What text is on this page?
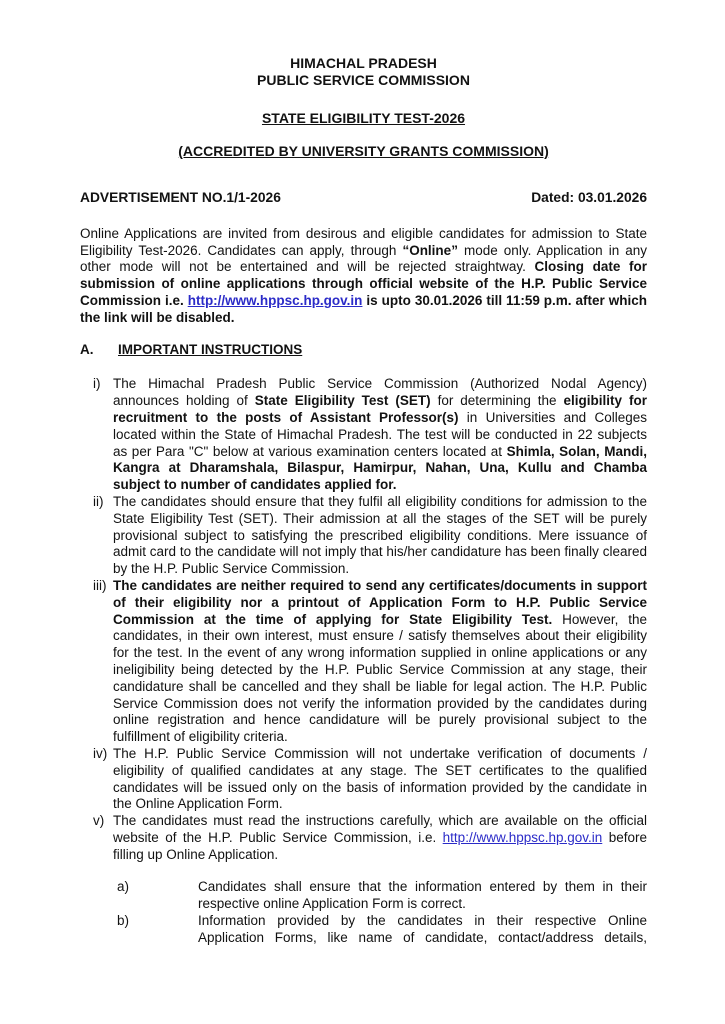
HIMACHAL PRADESH
PUBLIC SERVICE COMMISSION
STATE ELIGIBILITY TEST-2026
(ACCREDITED BY UNIVERSITY GRANTS COMMISSION)
ADVERTISEMENT NO.1/1-2026	Dated: 03.01.2026

Online Applications are invited from desirous and eligible candidates for admission to State Eligibility Test-2026. Candidates can apply, through “Online” mode only. Application in any other mode will not be entertained and will be rejected straightway. Closing date for submission of online applications through official website of the H.P. Public Service Commission i.e. http://www.hppsc.hp.gov.in is upto 30.01.2026 till 11:59 p.m. after which the link will be disabled.

A. IMPORTANT INSTRUCTIONS
i) The Himachal Pradesh Public Service Commission (Authorized Nodal Agency) announces holding of State Eligibility Test (SET) for determining the eligibility for recruitment to the posts of Assistant Professor(s) in Universities and Colleges located within the State of Himachal Pradesh. The test will be conducted in 22 subjects as per Para "C" below at various examination centers located at Shimla, Solan, Mandi, Kangra at Dharamshala, Bilaspur, Hamirpur, Nahan, Una, Kullu and Chamba subject to number of candidates applied for.

ii) The candidates should ensure that they fulfil all eligibility conditions for admission to the State Eligibility Test (SET). Their admission at all the stages of the SET will be purely provisional subject to satisfying the prescribed eligibility conditions. Mere issuance of admit card to the candidate will not imply that his/her candidature has been finally cleared by the H.P. Public Service Commission.

iii) The candidates are neither required to send any certificates/documents in support of their eligibility nor a printout of Application Form to H.P. Public Service Commission at the time of applying for State Eligibility Test. However, the candidates, in their own interest, must ensure / satisfy themselves about their eligibility for the test. In the event of any wrong information supplied in online applications or any ineligibility being detected by the H.P. Public Service Commission at any stage, their candidature shall be cancelled and they shall be liable for legal action. The H.P. Public Service Commission does not verify the information provided by the candidates during online registration and hence candidature will be purely provisional subject to the fulfillment of eligibility criteria.

iv) The H.P. Public Service Commission will not undertake verification of documents / eligibility of qualified candidates at any stage. The SET certificates to the qualified candidates will be issued only on the basis of information provided by the candidate in the Online Application Form.

v) The candidates must read the instructions carefully, which are available on the official website of the H.P. Public Service Commission, i.e. http://www.hppsc.hp.gov.in before filling up Online Application.

a)	Candidates shall ensure that the information entered by them in their respective online Application Form is correct.

b)	Information provided by the candidates in their respective Online Application Forms, like name of candidate, contact/address details,
